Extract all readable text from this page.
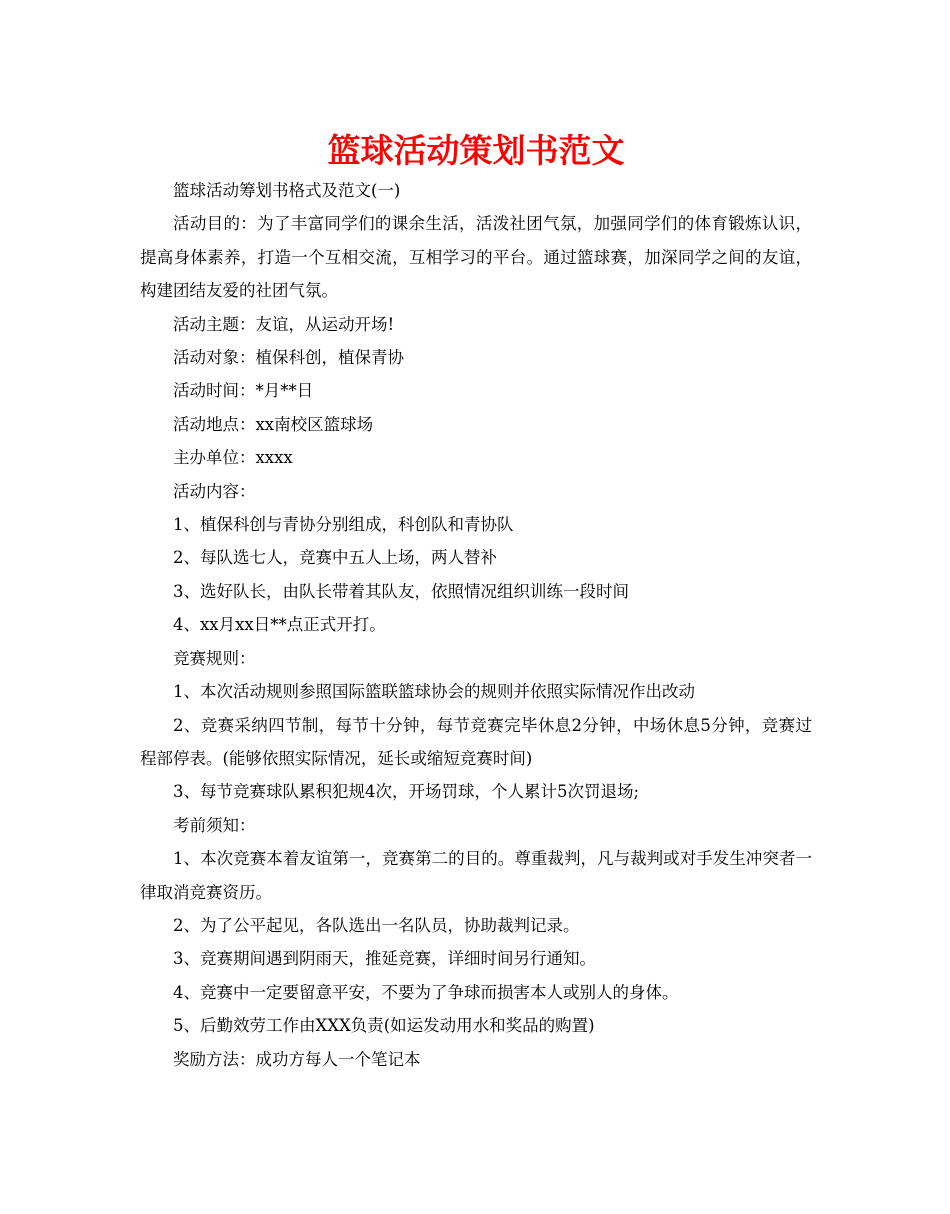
篮球活动策划书范文

篮球活动筹划书格式及范文(一)

活动目的：为了丰富同学们的课余生活，活泼社团气氛，加强同学们的体育锻炼认识，提高身体素养，打造一个互相交流，互相学习的平台。通过篮球赛，加深同学之间的友谊，构建团结友爱的社团气氛。

活动主题：友谊，从运动开场!

活动对象：植保科创，植保青协

活动时间：*月**日

活动地点：xx南校区篮球场

主办单位：xxxx

活动内容：

1、植保科创与青协分别组成，科创队和青协队

2、每队选七人，竞赛中五人上场，两人替补

3、选好队长，由队长带着其队友，依照情况组织训练一段时间

4、xx月xx日**点正式开打。

竞赛规则：

1、本次活动规则参照国际篮联篮球协会的规则并依照实际情况作出改动

2、竞赛采纳四节制，每节十分钟，每节竞赛完毕休息2分钟，中场休息5分钟，竞赛过程部停表。(能够依照实际情况，延长或缩短竞赛时间)

3、每节竞赛球队累积犯规4次，开场罚球，个人累计5次罚退场;

考前须知：

1、本次竞赛本着友谊第一，竞赛第二的目的。尊重裁判，凡与裁判或对手发生冲突者一律取消竞赛资历。

2、为了公平起见，各队选出一名队员，协助裁判记录。

3、竞赛期间遇到阴雨天，推延竞赛，详细时间另行通知。

4、竞赛中一定要留意平安，不要为了争球而损害本人或别人的身体。

5、后勤效劳工作由XXX负责(如运发动用水和奖品的购置)

奖励方法：成功方每人一个笔记本
